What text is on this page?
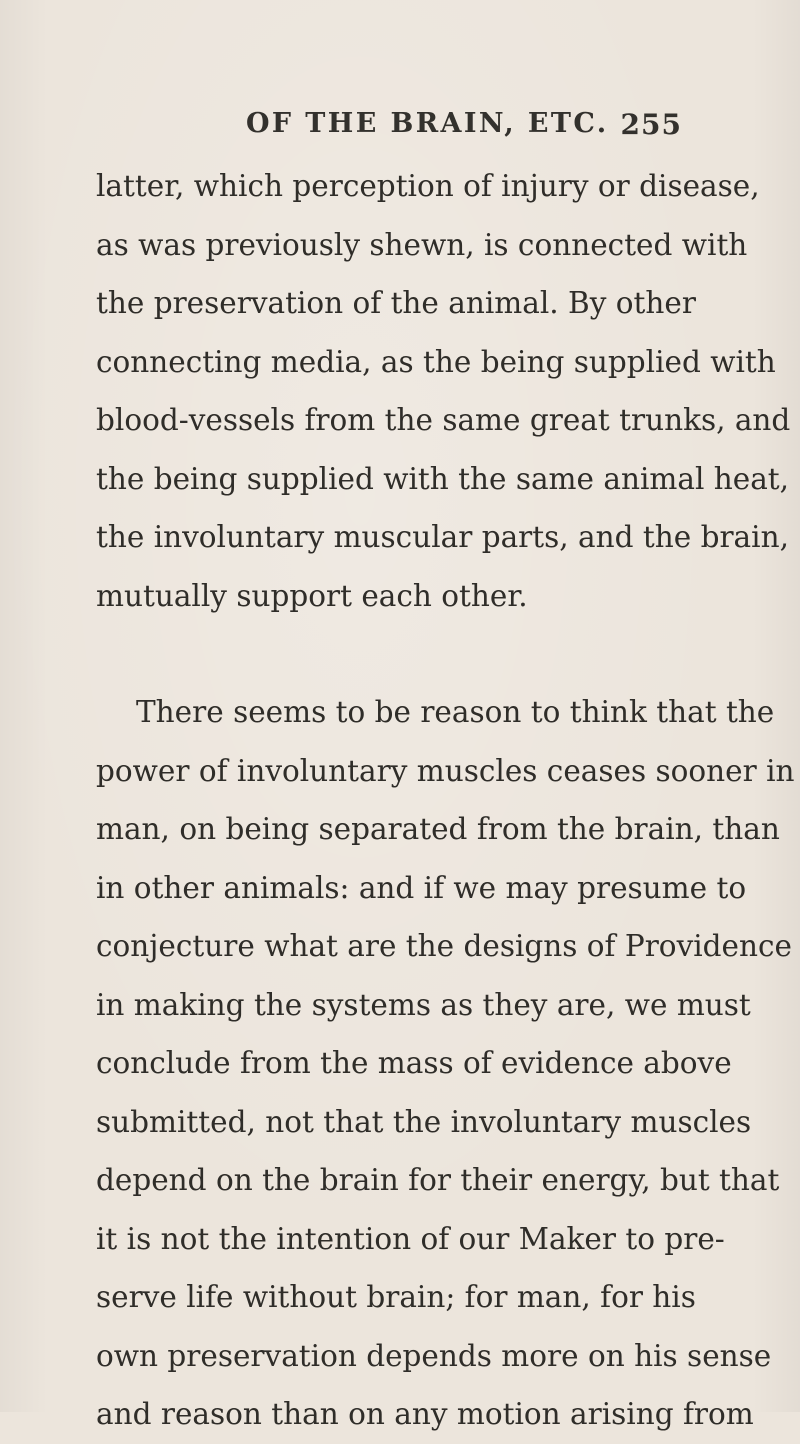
OF THE BRAIN, ETC. 255
latter, which perception of injury or disease,
as was previously shewn, is connected with
the preservation of the animal. By other
connecting media, as the being supplied with
blood-vessels from the same great trunks, and
the being supplied with the same animal heat,
the involuntary muscular parts, and the brain,
mutually support each other.
There seems to be reason to think that the
power of involuntary muscles ceases sooner in
man, on being separated from the brain, than
in other animals: and if we may presume to
conjecture what are the designs of Providence
in making the systems as they are, we must
conclude from the mass of evidence above
submitted, not that the involuntary muscles
depend on the brain for their energy, but that
it is not the intention of our Maker to pre-
serve life without brain; for man, for his
own preservation depends more on his sense
and reason than on any motion arising from
